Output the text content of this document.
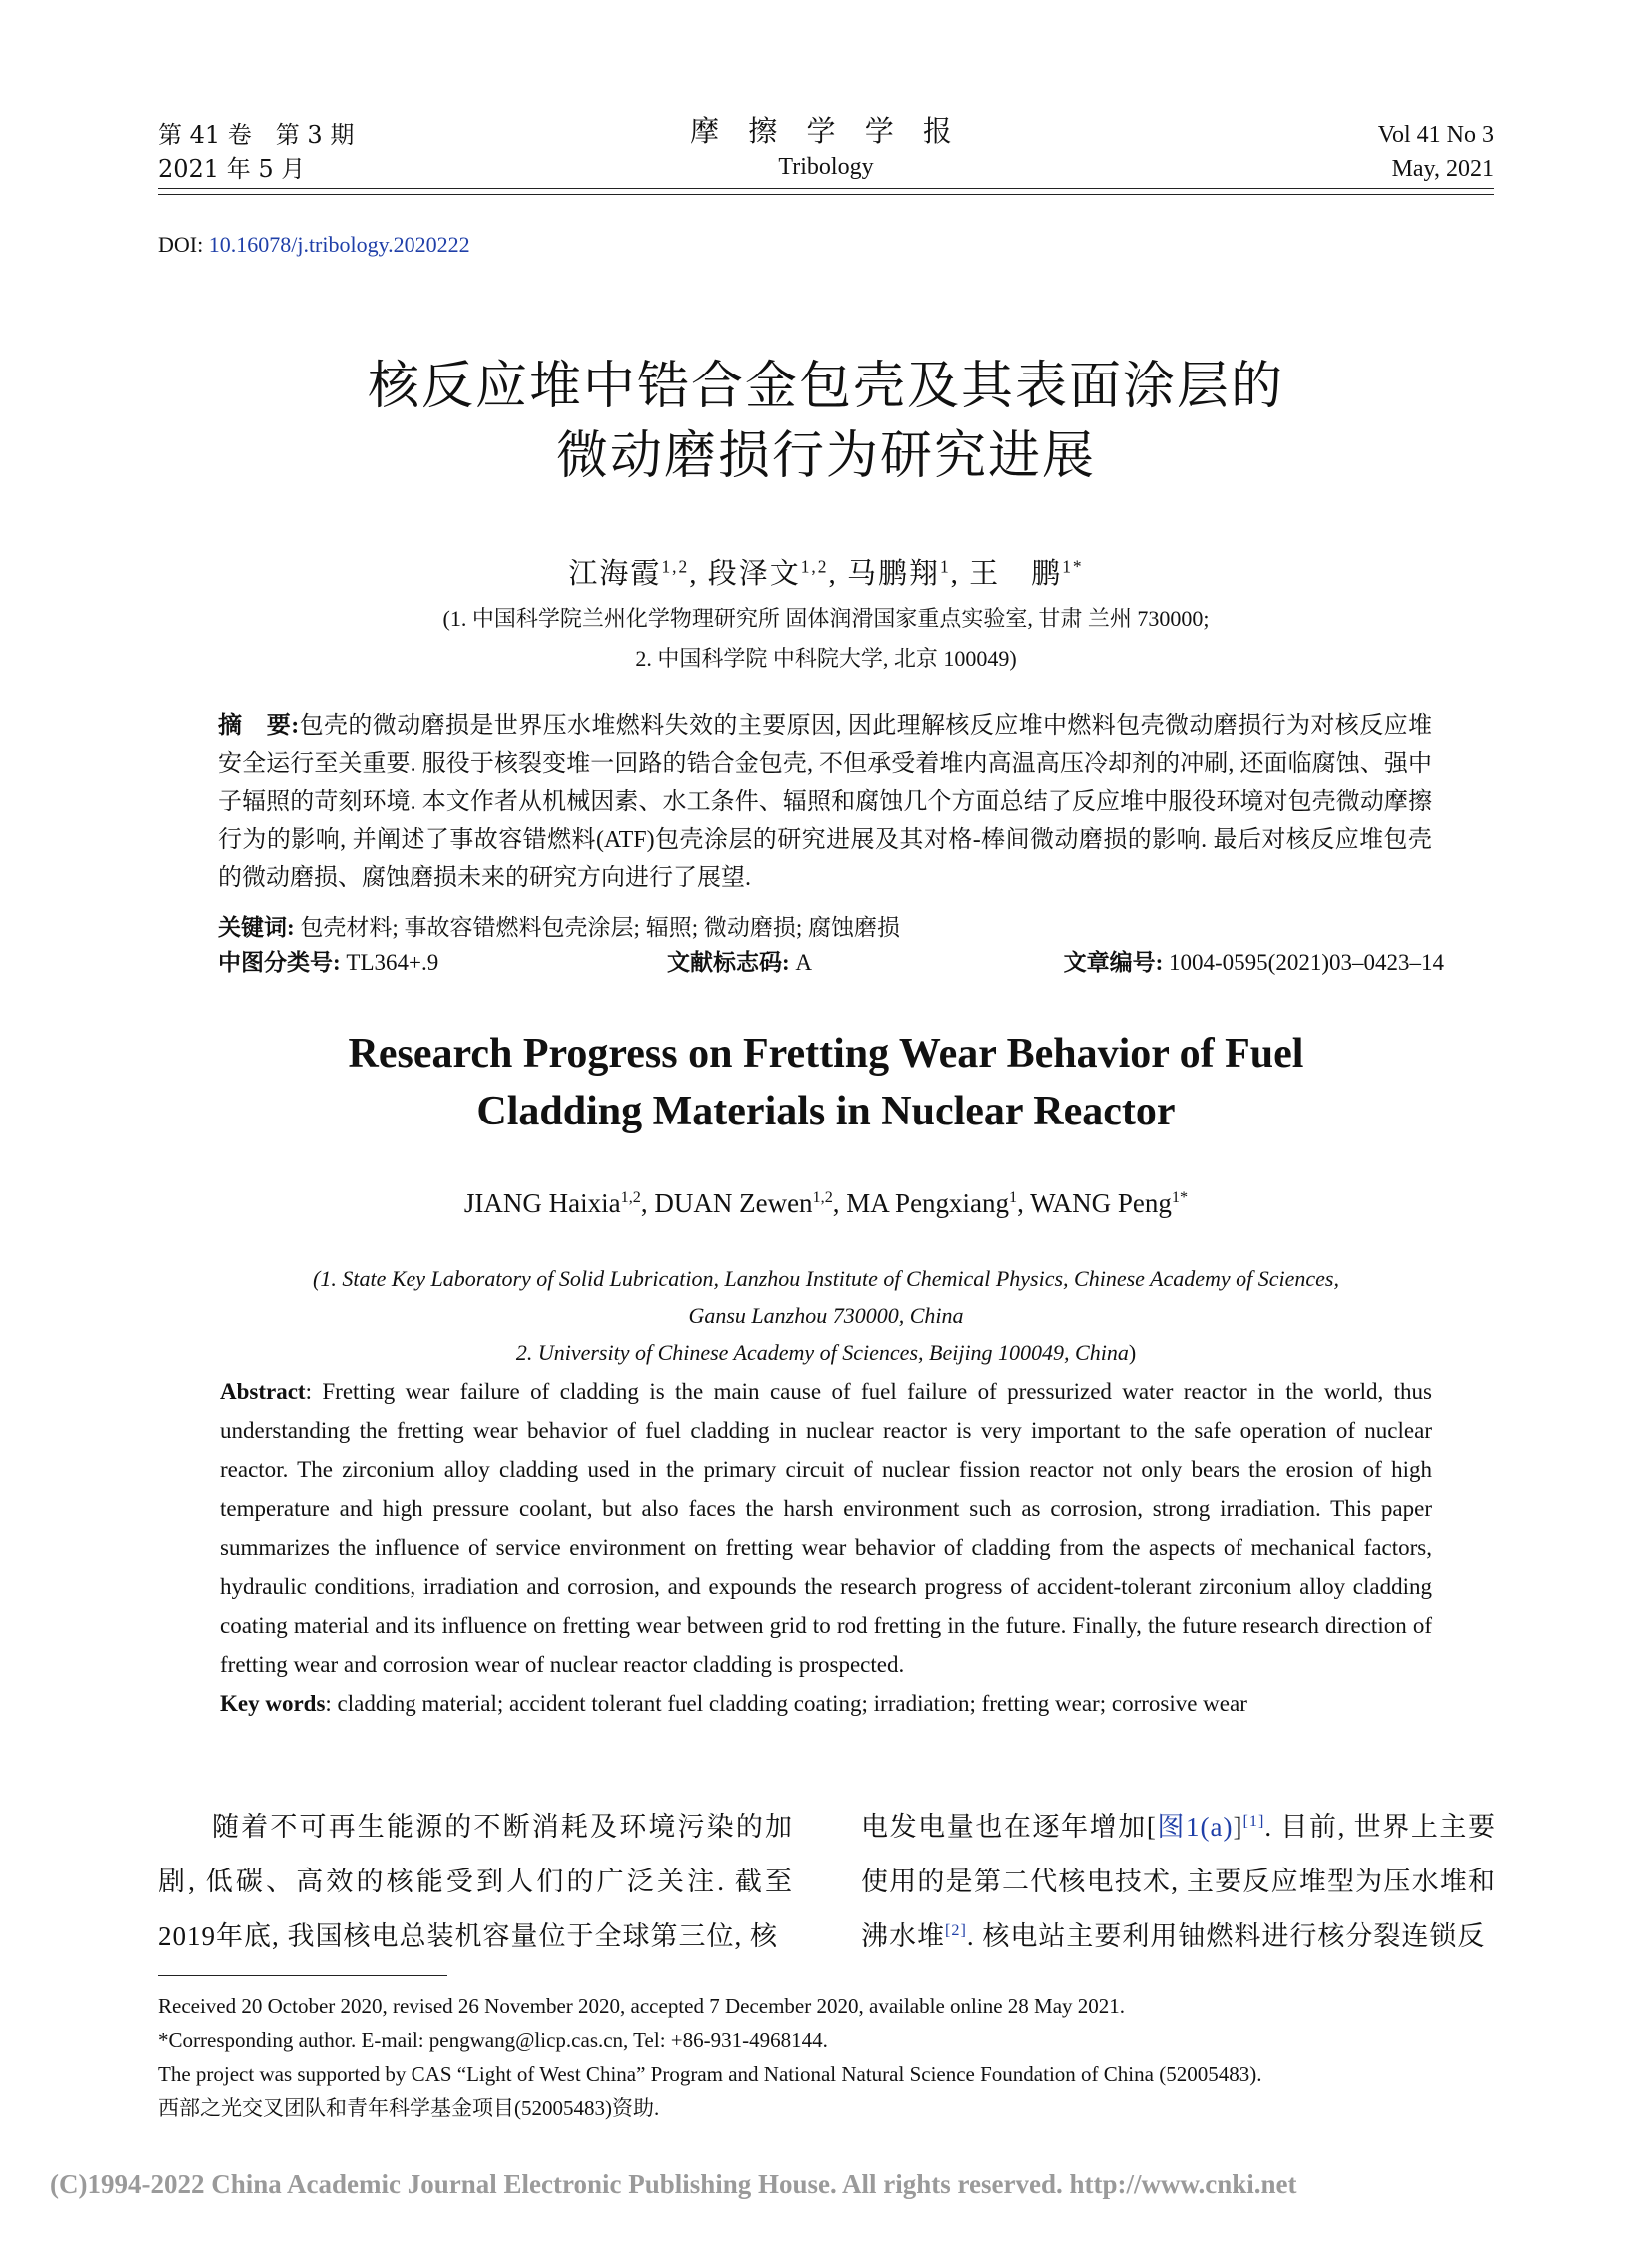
第 41 卷　第 3 期
2021 年 5 月
摩 擦 学 学 报
Tribology
Vol 41 No 3
May, 2021
DOI: 10.16078/j.tribology.2020222
核反应堆中锆合金包壳及其表面涂层的
微动磨损行为研究进展
江海霞$^{1,2}$, 段泽文$^{1,2}$, 马鹏翔$^1$, 王　鹏$^{1*}$
(1. 中国科学院兰州化学物理研究所 固体润滑国家重点实验室, 甘肃 兰州 730000;
2. 中国科学院 中科院大学, 北京 100049)
摘　要:包壳的微动磨损是世界压水堆燃料失效的主要原因, 因此理解核反应堆中燃料包壳微动磨损行为对核反应堆安全运行至关重要. 服役于核裂变堆一回路的锆合金包壳, 不但承受着堆内高温高压冷却剂的冲刷, 还面临腐蚀、强中子辐照的苛刻环境. 本文作者从机械因素、水工条件、辐照和腐蚀几个方面总结了反应堆中服役环境对包壳微动摩擦行为的影响, 并阐述了事故容错燃料(ATF)包壳涂层的研究进展及其对格-棒间微动磨损的影响. 最后对核反应堆包壳的微动磨损、腐蚀磨损未来的研究方向进行了展望.
关键词: 包壳材料; 事故容错燃料包壳涂层; 辐照; 微动磨损; 腐蚀磨损
中图分类号: TL364+.9	文献标志码: A	文章编号: 1004-0595(2021)03–0423–14
Research Progress on Fretting Wear Behavior of Fuel
Cladding Materials in Nuclear Reactor
JIANG Haixia$^{1,2}$, DUAN Zewen$^{1,2}$, MA Pengxiang$^1$, WANG Peng$^{1*}$
(1. State Key Laboratory of Solid Lubrication, Lanzhou Institute of Chemical Physics, Chinese Academy of Sciences,
Gansu Lanzhou 730000, China
2. University of Chinese Academy of Sciences, Beijing 100049, China)
Abstract: Fretting wear failure of cladding is the main cause of fuel failure of pressurized water reactor in the world, thus understanding the fretting wear behavior of fuel cladding in nuclear reactor is very important to the safe operation of nuclear reactor. The zirconium alloy cladding used in the primary circuit of nuclear fission reactor not only bears the erosion of high temperature and high pressure coolant, but also faces the harsh environment such as corrosion, strong irradiation. This paper summarizes the influence of service environment on fretting wear behavior of cladding from the aspects of mechanical factors, hydraulic conditions, irradiation and corrosion, and expounds the research progress of accident-tolerant zirconium alloy cladding coating material and its influence on fretting wear between grid to rod fretting in the future. Finally, the future research direction of fretting wear and corrosion wear of nuclear reactor cladding is prospected.
Key words: cladding material; accident tolerant fuel cladding coating; irradiation; fretting wear; corrosive wear
随着不可再生能源的不断消耗及环境污染的加剧, 低碳、高效的核能受到人们的广泛关注. 截至2019年底, 我国核电总装机容量位于全球第三位, 核
电发电量也在逐年增加[图1(a)][1]. 目前, 世界上主要使用的是第二代核电技术, 主要反应堆型为压水堆和沸水堆[2]. 核电站主要利用铀燃料进行核分裂连锁反
Received 20 October 2020, revised 26 November 2020, accepted 7 December 2020, available online 28 May 2021.
*Corresponding author. E-mail: pengwang@licp.cas.cn, Tel: +86-931-4968144.
The project was supported by CAS “Light of West China” Program and National Natural Science Foundation of China (52005483).
西部之光交叉团队和青年科学基金项目(52005483)资助.
(C)1994-2022 China Academic Journal Electronic Publishing House. All rights reserved. http://www.cnki.net
